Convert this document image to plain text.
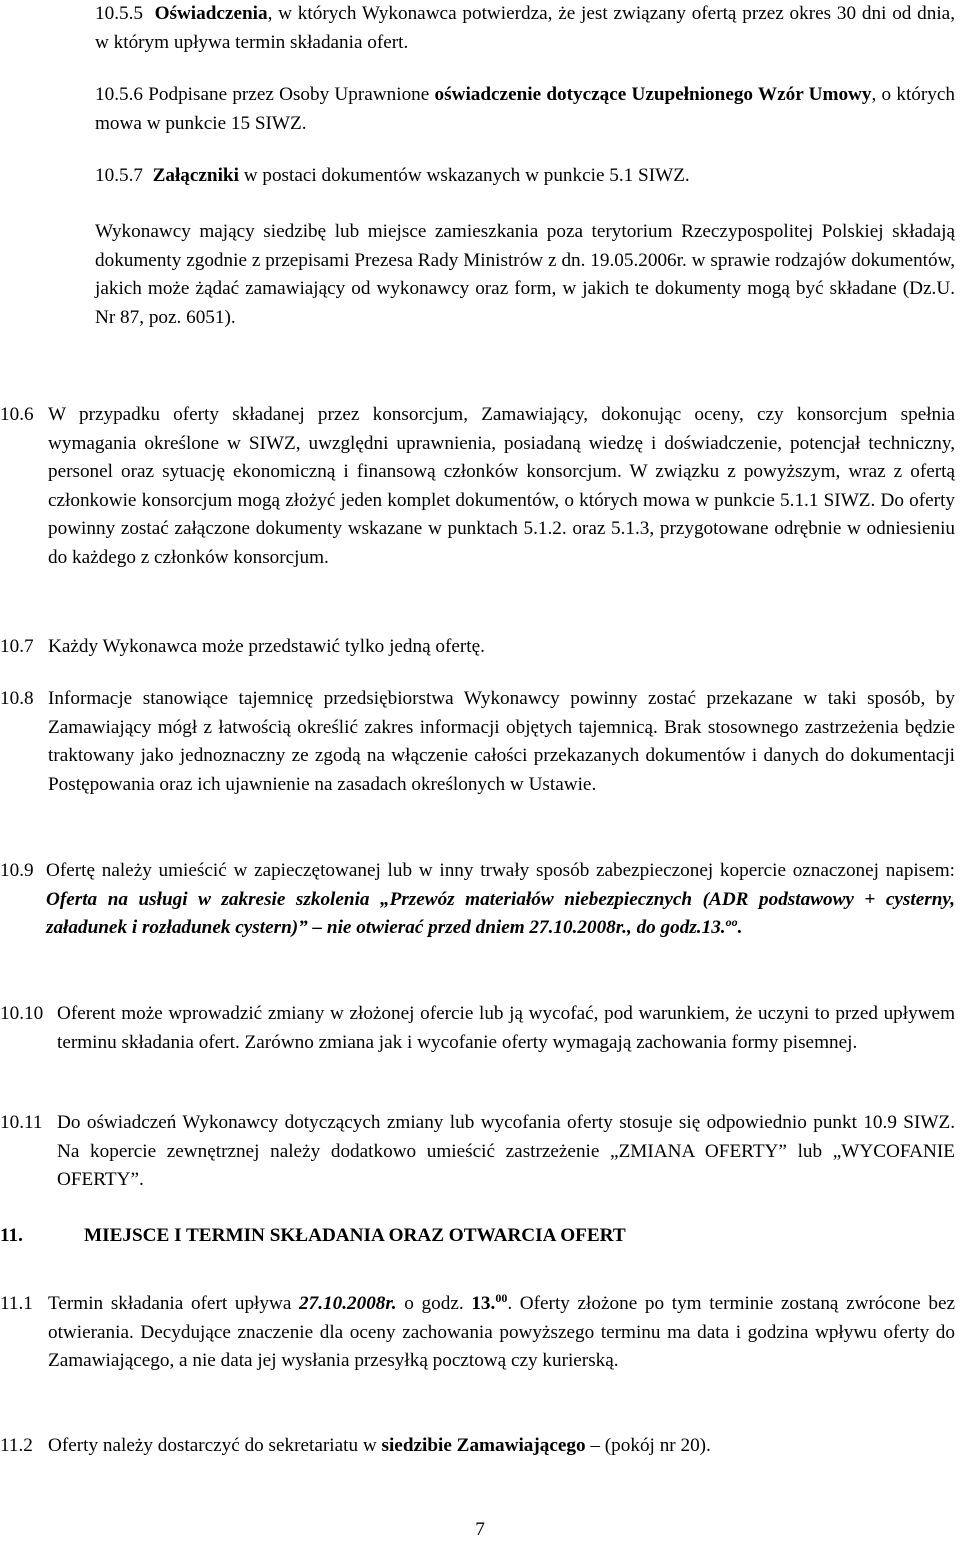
10.5.5 Oświadczenia, w których Wykonawca potwierdza, że jest związany ofertą przez okres 30 dni od dnia, w którym upływa termin składania ofert.
10.5.6 Podpisane przez Osoby Uprawnione oświadczenie dotyczące Uzupełnionego Wzór Umowy, o których mowa w punkcie 15 SIWZ.
10.5.7 Załączniki w postaci dokumentów wskazanych w punkcie 5.1 SIWZ.
Wykonawcy mający siedzibę lub miejsce zamieszkania poza terytorium Rzeczypospolitej Polskiej składają dokumenty zgodnie z przepisami Prezesa Rady Ministrów z dn. 19.05.2006r. w sprawie rodzajów dokumentów, jakich może żądać zamawiający od wykonawcy oraz form, w jakich te dokumenty mogą być składane (Dz.U. Nr 87, poz. 6051).
10.6 W przypadku oferty składanej przez konsorcjum, Zamawiający, dokonując oceny, czy konsorcjum spełnia wymagania określone w SIWZ, uwzględni uprawnienia, posiadaną wiedzę i doświadczenie, potencjał techniczny, personel oraz sytuację ekonomiczną i finansową członków konsorcjum. W związku z powyższym, wraz z ofertą członkowie konsorcjum mogą złożyć jeden komplet dokumentów, o których mowa w punkcie 5.1.1 SIWZ. Do oferty powinny zostać załączone dokumenty wskazane w punktach 5.1.2. oraz 5.1.3, przygotowane odrębnie w odniesieniu do każdego z członków konsorcjum.
10.7 Każdy Wykonawca może przedstawić tylko jedną ofertę.
10.8 Informacje stanowiące tajemnicę przedsiębiorstwa Wykonawcy powinny zostać przekazane w taki sposób, by Zamawiający mógł z łatwością określić zakres informacji objętych tajemnicą. Brak stosownego zastrzeżenia będzie traktowany jako jednoznaczny ze zgodą na włączenie całości przekazanych dokumentów i danych do dokumentacji Postępowania oraz ich ujawnienie na zasadach określonych w Ustawie.
10.9 Ofertę należy umieścić w zapieczętowanej lub w inny trwały sposób zabezpieczonej kopercie oznaczonej napisem: Oferta na usługi w zakresie szkolenia „Przewóz materiałów niebezpiecznych (ADR podstawowy + cysterny, załadunek i rozładunek cystern)” – nie otwierać przed dniem 27.10.2008r., do godz.13.$^{oo}$.
10.10 Oferent może wprowadzić zmiany w złożonej ofercie lub ją wycofać, pod warunkiem, że uczyni to przed upływem terminu składania ofert. Zarówno zmiana jak i wycofanie oferty wymagają zachowania formy pisemnej.
10.11 Do oświadczeń Wykonawcy dotyczących zmiany lub wycofania oferty stosuje się odpowiednio punkt 10.9 SIWZ. Na kopercie zewnętrznej należy dodatkowo umieścić zastrzeżenie „ZMIANA OFERTY” lub „WYCOFANIE OFERTY”.
11.	MIEJSCE I TERMIN SKŁADANIA ORAZ OTWARCIA OFERT
11.1 Termin składania ofert upływa 27.10.2008r. o godz. 13.00. Oferty złożone po tym terminie zostaną zwrócone bez otwierania. Decydujące znaczenie dla oceny zachowania powyższego terminu ma data i godzina wpływu oferty do Zamawiającego, a nie data jej wysłania przesyłką pocztową czy kurierską.
11.2 Oferty należy dostarczyć do sekretariatu w siedzibie Zamawiającego – (pokój nr 20).
7
